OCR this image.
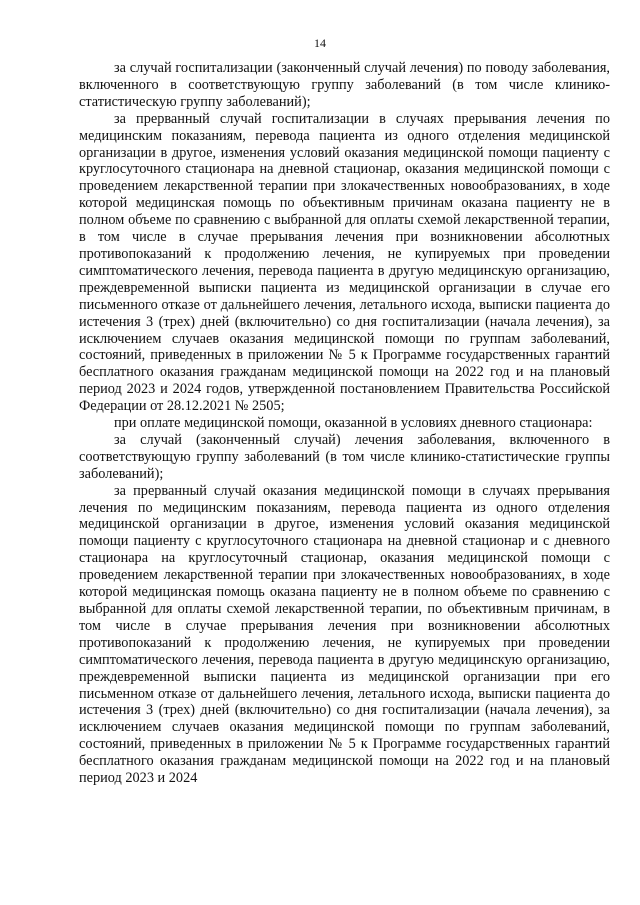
14

за случай госпитализации (законченный случай лечения) по поводу заболевания, включенного в соответствующую группу заболеваний (в том числе клинико-статистическую группу заболеваний);

за прерванный случай госпитализации в случаях прерывания лечения по медицинским показаниям, перевода пациента из одного отделения медицинской организации в другое, изменения условий оказания медицинской помощи пациенту с круглосуточного стационара на дневной стационар, оказания медицинской помощи с проведением лекарственной терапии при злокачественных новообразованиях, в ходе которой медицинская помощь по объективным причинам оказана пациенту не в полном объеме по сравнению с выбранной для оплаты схемой лекарственной терапии, в том числе в случае прерывания лечения при возникновении абсолютных противопоказаний к продолжению лечения, не купируемых при проведении симптоматического лечения, перевода пациента в другую медицинскую организацию, преждевременной выписки пациента из медицинской организации в случае его письменного отказе от дальнейшего лечения, летального исхода, выписки пациента до истечения 3 (трех) дней (включительно) со дня госпитализации (начала лечения), за исключением случаев оказания медицинской помощи по группам заболеваний, состояний, приведенных в приложении № 5 к Программе государственных гарантий бесплатного оказания гражданам медицинской помощи на 2022 год и на плановый период 2023 и 2024 годов, утвержденной постановлением Правительства Российской Федерации от 28.12.2021 № 2505;

при оплате медицинской помощи, оказанной в условиях дневного стационара:

за случай (законченный случай) лечения заболевания, включенного в соответствующую группу заболеваний (в том числе клинико-статистические группы заболеваний);

за прерванный случай оказания медицинской помощи в случаях прерывания лечения по медицинским показаниям, перевода пациента из одного отделения медицинской организации в другое, изменения условий оказания медицинской помощи пациенту с круглосуточного стационара на дневной стационар и с дневного стационара на круглосуточный стационар, оказания медицинской помощи с проведением лекарственной терапии при злокачественных новообразованиях, в ходе которой медицинская помощь оказана пациенту не в полном объеме по сравнению с выбранной для оплаты схемой лекарственной терапии, по объективным причинам, в том числе в случае прерывания лечения при возникновении абсолютных противопоказаний к продолжению лечения, не купируемых при проведении симптоматического лечения, перевода пациента в другую медицинскую организацию, преждевременной выписки пациента из медицинской организации при его письменном отказе от дальнейшего лечения, летального исхода, выписки пациента до истечения 3 (трех) дней (включительно) со дня госпитализации (начала лечения), за исключением случаев оказания медицинской помощи по группам заболеваний, состояний, приведенных в приложении № 5 к Программе государственных гарантий бесплатного оказания гражданам медицинской помощи на 2022 год и на плановый период 2023 и 2024
